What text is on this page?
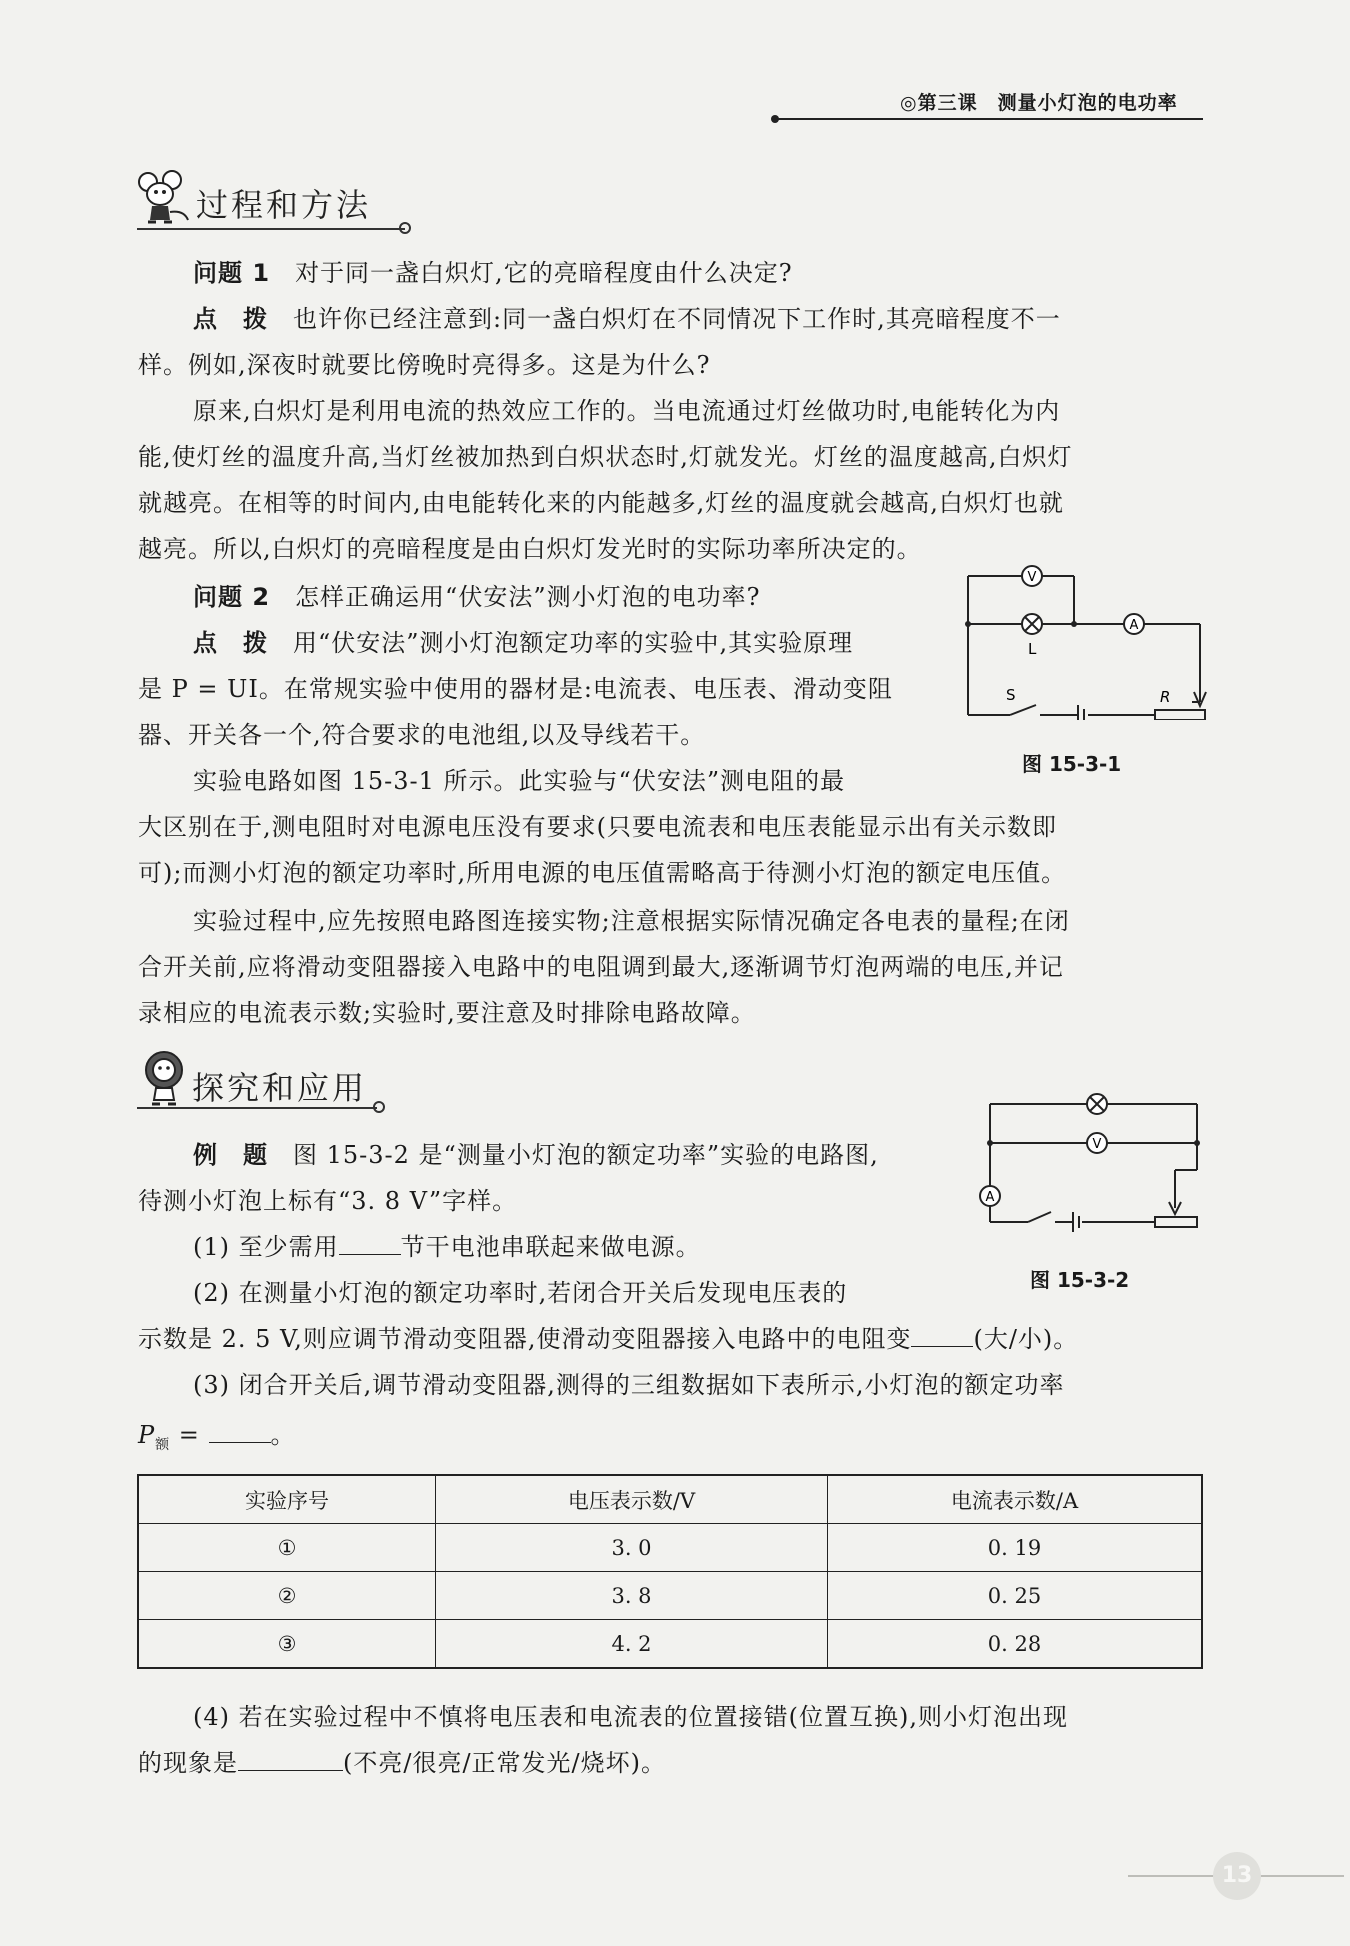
◎第三课　测量小灯泡的电功率
过程和方法
问题 1　 对于同一盏白炽灯,它的亮暗程度由什么决定?
点　拨　 也许你已经注意到:同一盏白炽灯在不同情况下工作时,其亮暗程度不一
样。例如,深夜时就要比傍晚时亮得多。这是为什么?
原来,白炽灯是利用电流的热效应工作的。当电流通过灯丝做功时,电能转化为内
能,使灯丝的温度升高,当灯丝被加热到白炽状态时,灯就发光。灯丝的温度越高,白炽灯
就越亮。在相等的时间内,由电能转化来的内能越多,灯丝的温度就会越高,白炽灯也就
越亮。所以,白炽灯的亮暗程度是由白炽灯发光时的实际功率所决定的。
问题 2　 怎样正确运用“伏安法”测小灯泡的电功率?
点　拨　 用“伏安法”测小灯泡额定功率的实验中,其实验原理
是 P = UI。在常规实验中使用的器材是:电流表、电压表、滑动变阻
器、开关各一个,符合要求的电池组,以及导线若干。
实验电路如图 15-3-1 所示。此实验与“伏安法”测电阻的最
大区别在于,测电阻时对电源电压没有要求(只要电流表和电压表能显示出有关示数即
可);而测小灯泡的额定功率时,所用电源的电压值需略高于待测小灯泡的额定电压值。
实验过程中,应先按照电路图连接实物;注意根据实际情况确定各电表的量程;在闭
合开关前,应将滑动变阻器接入电路中的电阻调到最大,逐渐调节灯泡两端的电压,并记
录相应的电流表示数;实验时,要注意及时排除电路故障。
V
A
L
S	R
图 15-3-1
探究和应用
例　题　 图 15-3-2 是“测量小灯泡的额定功率”实验的电路图,
待测小灯泡上标有“3. 8 V”字样。
(1) 至少需用	节干电池串联起来做电源。
(2) 在测量小灯泡的额定功率时,若闭合开关后发现电压表的
示数是 2. 5 V,则应调节滑动变阻器,使滑动变阻器接入电路中的电阻变	(大/小)。
(3) 闭合开关后,调节滑动变阻器,测得的三组数据如下表所示,小灯泡的额定功率
$P_额$ =	。
V
A
图 15-3-2
实验序号	电压表示数/V	电流表示数/A
①	3. 0	0. 19
②	3. 8	0. 25
③	4. 2	0. 28
(4) 若在实验过程中不慎将电压表和电流表的位置接错(位置互换),则小灯泡出现
的现象是	(不亮/很亮/正常发光/烧坏)。
13
